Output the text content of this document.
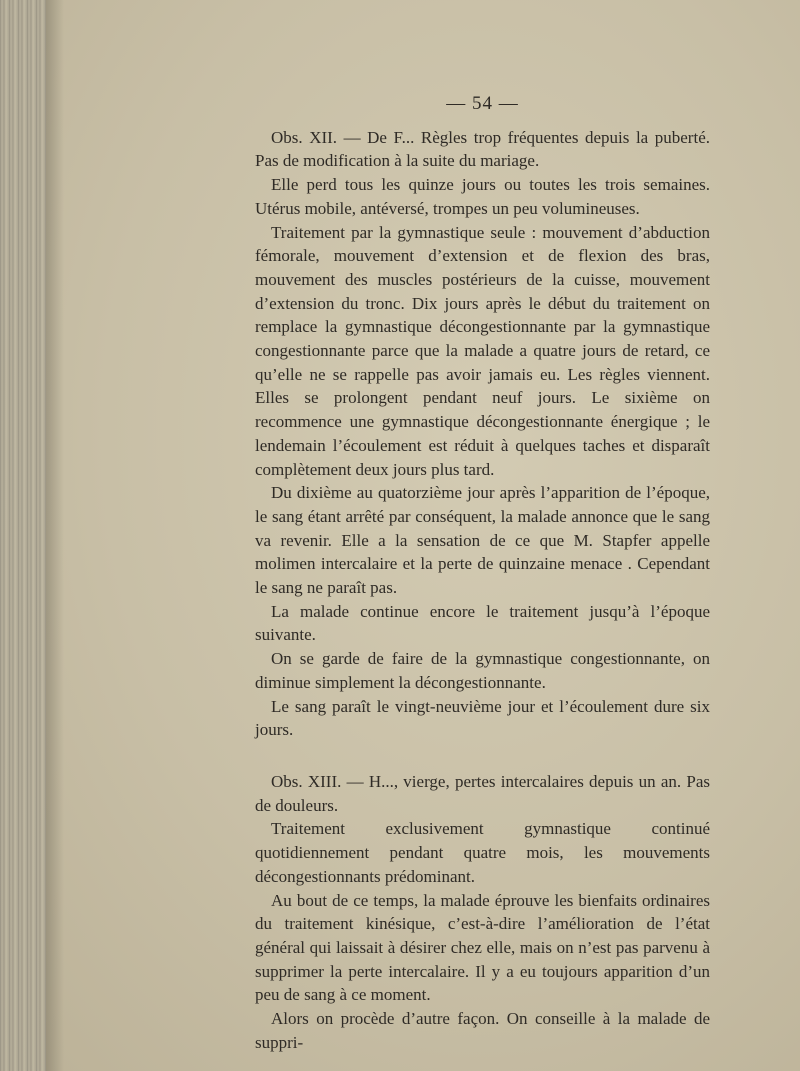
— 54 —

Obs. XII. — De F... Règles trop fréquentes depuis la puberté. Pas de modification à la suite du mariage.

Elle perd tous les quinze jours ou toutes les trois semaines. Utérus mobile, antéversé, trompes un peu volumineuses.

Traitement par la gymnastique seule : mouvement d’abduction fémorale, mouvement d’extension et de flexion des bras, mouvement des muscles postérieurs de la cuisse, mouvement d’extension du tronc. Dix jours après le début du traitement on remplace la gymnastique décongestionnante par la gymnastique congestionnante parce que la malade a quatre jours de retard, ce qu’elle ne se rappelle pas avoir jamais eu. Les règles viennent. Elles se prolongent pendant neuf jours. Le sixième on recommence une gymnastique décongestionnante énergique ; le lendemain l’écoulement est réduit à quelques taches et disparaît complètement deux jours plus tard.

Du dixième au quatorzième jour après l’apparition de l’époque, le sang étant arrêté par conséquent, la malade annonce que le sang va revenir. Elle a la sensation de ce que M. Stapfer appelle molimen intercalaire et la perte de quinzaine menace . Cependant le sang ne paraît pas.

La malade continue encore le traitement jusqu’à l’époque suivante.

On se garde de faire de la gymnastique congestionnante, on diminue simplement la décongestionnante.

Le sang paraît le vingt-neuvième jour et l’écoulement dure six jours.

Obs. XIII. — H..., vierge, pertes intercalaires depuis un an. Pas de douleurs.

Traitement exclusivement gymnastique continué quotidiennement pendant quatre mois, les mouvements décongestionnants prédominant.

Au bout de ce temps, la malade éprouve les bienfaits ordinaires du traitement kinésique, c’est-à-dire l’amélioration de l’état général qui laissait à désirer chez elle, mais on n’est pas parvenu à supprimer la perte intercalaire. Il y a eu toujours apparition d’un peu de sang à ce moment.

Alors on procède d’autre façon. On conseille à la malade de suppri-
